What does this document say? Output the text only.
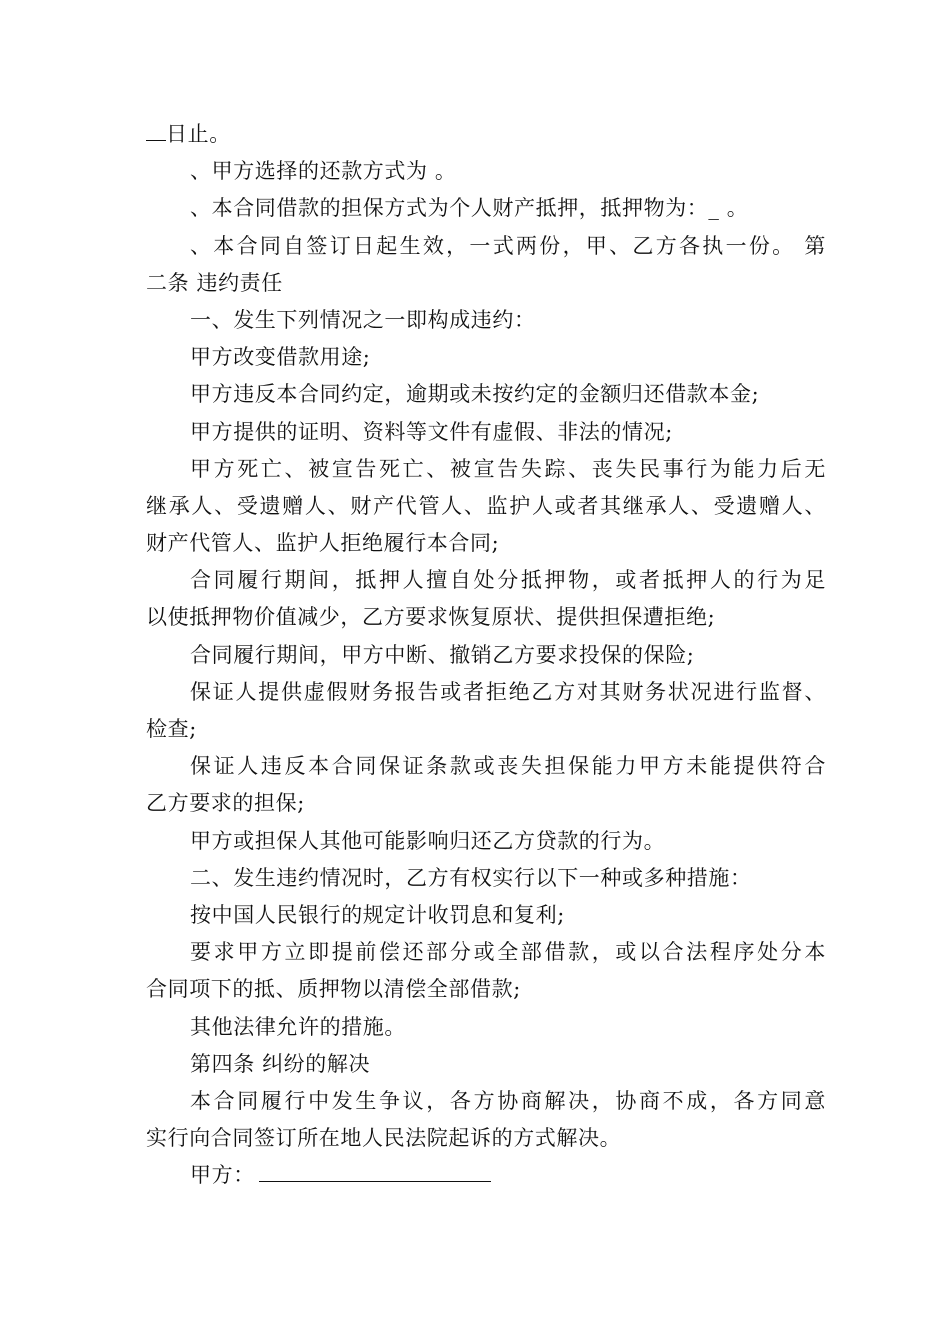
日止。
、甲方选择的还款方式为 。
、本合同借款的担保方式为个人财产抵押，抵押物为：_ 。
、本合同自签订日起生效，一式两份，甲、乙方各执一份。 第
二条 违约责任
一、发生下列情况之一即构成违约：
甲方改变借款用途;
甲方违反本合同约定，逾期或未按约定的金额归还借款本金;
甲方提供的证明、资料等文件有虚假、非法的情况;
甲方死亡、被宣告死亡、被宣告失踪、丧失民事行为能力后无
继承人、受遗赠人、财产代管人、监护人或者其继承人、受遗赠人、
财产代管人、监护人拒绝履行本合同;
合同履行期间，抵押人擅自处分抵押物，或者抵押人的行为足
以使抵押物价值减少，乙方要求恢复原状、提供担保遭拒绝;
合同履行期间，甲方中断、撤销乙方要求投保的保险;
保证人提供虚假财务报告或者拒绝乙方对其财务状况进行监督、
检查;
保证人违反本合同保证条款或丧失担保能力甲方未能提供符合
乙方要求的担保;
甲方或担保人其他可能影响归还乙方贷款的行为。
二、发生违约情况时，乙方有权实行以下一种或多种措施：
按中国人民银行的规定计收罚息和复利;
要求甲方立即提前偿还部分或全部借款，或以合法程序处分本
合同项下的抵、质押物以清偿全部借款;
其他法律允许的措施。
第四条 纠纷的解决
本合同履行中发生争议，各方协商解决，协商不成，各方同意
实行向合同签订所在地人民法院起诉的方式解决。
甲方：
